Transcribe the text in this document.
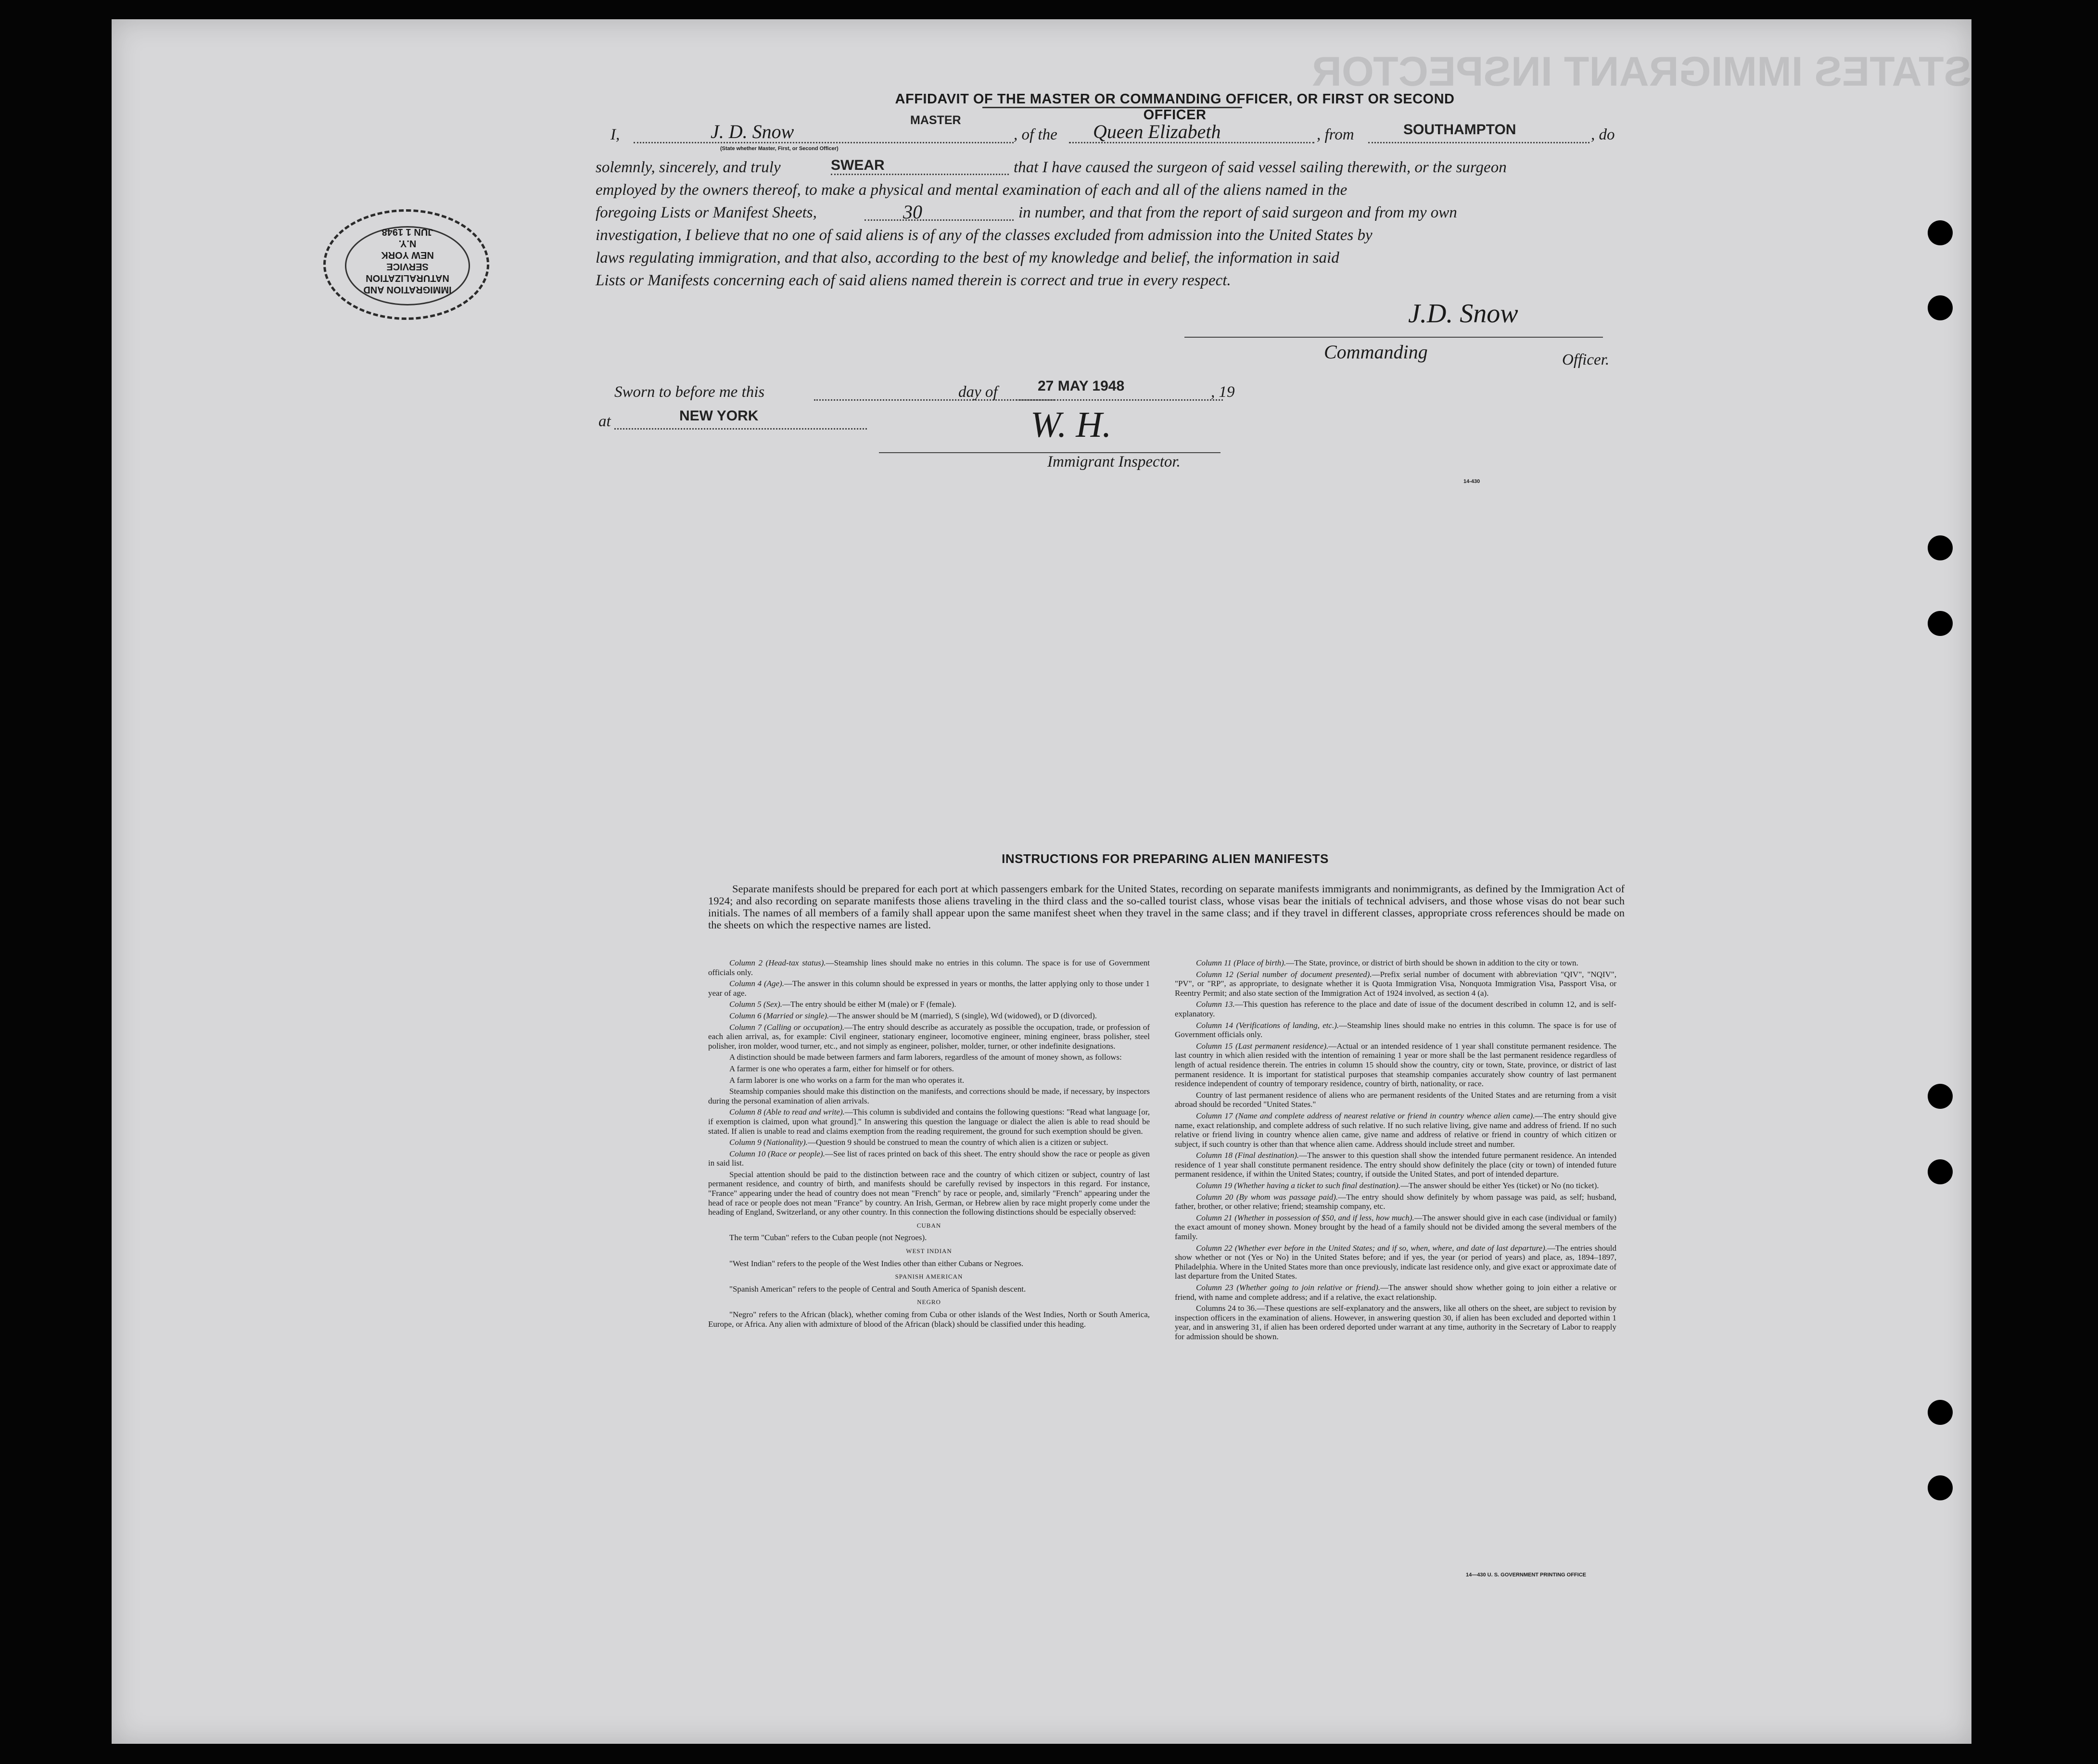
STATES IMMIGRANT INSPECTOR
IMMIGRATION AND
NATURALIZATION
SERVICE
NEW YORK
N.Y.
JUN 1 1948
AFFIDAVIT OF THE MASTER OR COMMANDING OFFICER, OR FIRST OR SECOND OFFICER
I,	J. D. Snow
(State whether Master, First, or Second Officer)
MASTER
, of the Queen Elizabeth	, from	SOUTHAMPTON	, do
solemnly, sincerely, and truly	SWEAR	that I have caused the surgeon of said vessel sailing therewith, or the surgeon
employed by the owners thereof, to make a physical and mental examination of each and all of the aliens named in the
foregoing Lists or Manifest Sheets,	30	in number, and that from the report of said surgeon and from my own
investigation, I believe that no one of said aliens is of any of the classes excluded from admission into the United States by
laws regulating immigration, and that also, according to the best of my knowledge and belief, the information in said
Lists or Manifests concerning each of said aliens named therein is correct and true in every respect.
J.D. Snow
Commanding	Officer.
Sworn to before me this	day of	27 MAY 1948	, 19
at	NEW YORK	W. H.
Immigrant Inspector.
14-430
INSTRUCTIONS FOR PREPARING ALIEN MANIFESTS
Separate manifests should be prepared for each port at which passengers embark for the United States, recording on separate manifests immigrants and nonimmigrants, as defined by the Immigration Act of 1924; and also recording on separate manifests those aliens traveling in the third class and the so-called tourist class, whose visas bear the initials of technical advisers, and those whose visas do not bear such initials. The names of all members of a family shall appear upon the same manifest sheet when they travel in the same class; and if they travel in different classes, appropriate cross references should be made on the sheets on which the respective names are listed.

Column 2 (Head-tax status).—Steamship lines should make no entries in this column. The space is for use of Government officials only.

Column 4 (Age).—The answer in this column should be expressed in years or months, the latter applying only to those under 1 year of age.

Column 5 (Sex).—The entry should be either M (male) or F (female).

Column 6 (Married or single).—The answer should be M (married), S (single), Wd (widowed), or D (divorced).

Column 7 (Calling or occupation).—The entry should describe as accurately as possible the occupation, trade, or profession of each alien arrival, as, for example: Civil engineer, stationary engineer, locomotive engineer, mining engineer, brass polisher, steel polisher, iron molder, wood turner, etc., and not simply as engineer, polisher, molder, turner, or other indefinite designations.

A distinction should be made between farmers and farm laborers, regardless of the amount of money shown, as follows:

A farmer is one who operates a farm, either for himself or for others.

A farm laborer is one who works on a farm for the man who operates it.

Steamship companies should make this distinction on the manifests, and corrections should be made, if necessary, by inspectors during the personal examination of alien arrivals.

Column 8 (Able to read and write).—This column is subdivided and contains the following questions: "Read what language [or, if exemption is claimed, upon what ground]." In answering this question the language or dialect the alien is able to read should be stated. If alien is unable to read and claims exemption from the reading requirement, the ground for such exemption should be given.

Column 9 (Nationality).—Question 9 should be construed to mean the country of which alien is a citizen or subject.

Column 10 (Race or people).—See list of races printed on back of this sheet. The entry should show the race or people as given in said list.

Special attention should be paid to the distinction between race and the country of which citizen or subject, country of last permanent residence, and country of birth, and manifests should be carefully revised by inspectors in this regard. For instance, "France" appearing under the head of country does not mean "French" by race or people, and, similarly "French" appearing under the head of race or people does not mean "France" by country. An Irish, German, or Hebrew alien by race might properly come under the heading of England, Switzerland, or any other country. In this connection the following distinctions should be especially observed:

CUBAN

The term "Cuban" refers to the Cuban people (not Negroes).

WEST INDIAN

"West Indian" refers to the people of the West Indies other than either Cubans or Negroes.

SPANISH AMERICAN

"Spanish American" refers to the people of Central and South America of Spanish descent.

NEGRO

"Negro" refers to the African (black), whether coming from Cuba or other islands of the West Indies, North or South America, Europe, or Africa. Any alien with admixture of blood of the African (black) should be classified under this heading.

Column 11 (Place of birth).—The State, province, or district of birth should be shown in addition to the city or town.

Column 12 (Serial number of document presented).—Prefix serial number of document with abbreviation "QIV", "NQIV", "PV", or "RP", as appropriate, to designate whether it is Quota Immigration Visa, Nonquota Immigration Visa, Passport Visa, or Reentry Permit; and also state section of the Immigration Act of 1924 involved, as section 4 (a).

Column 13.—This question has reference to the place and date of issue of the document described in column 12, and is self-explanatory.

Column 14 (Verifications of landing, etc.).—Steamship lines should make no entries in this column. The space is for use of Government officials only.

Column 15 (Last permanent residence).—Actual or an intended residence of 1 year shall constitute permanent residence. The last country in which alien resided with the intention of remaining 1 year or more shall be the last permanent residence regardless of length of actual residence therein. The entries in column 15 should show the country, city or town, State, province, or district of last permanent residence. It is important for statistical purposes that steamship companies accurately show country of last permanent residence independent of country of temporary residence, country of birth, nationality, or race.

Country of last permanent residence of aliens who are permanent residents of the United States and are returning from a visit abroad should be recorded "United States."

Column 17 (Name and complete address of nearest relative or friend in country whence alien came).—The entry should give name, exact relationship, and complete address of such relative. If no such relative living, give name and address of friend. If no such relative or friend living in country whence alien came, give name and address of relative or friend in country of which citizen or subject, if such country is other than that whence alien came. Address should include street and number.

Column 18 (Final destination).—The answer to this question shall show the intended future permanent residence. An intended residence of 1 year shall constitute permanent residence. The entry should show definitely the place (city or town) of intended future permanent residence, if within the United States; country, if outside the United States, and port of intended departure.

Column 19 (Whether having a ticket to such final destination).—The answer should be either Yes (ticket) or No (no ticket).

Column 20 (By whom was passage paid).—The entry should show definitely by whom passage was paid, as self; husband, father, brother, or other relative; friend; steamship company, etc.

Column 21 (Whether in possession of $50, and if less, how much).—The answer should give in each case (individual or family) the exact amount of money shown. Money brought by the head of a family should not be divided among the several members of the family.

Column 22 (Whether ever before in the United States; and if so, when, where, and date of last departure).—The entries should show whether or not (Yes or No) in the United States before; and if yes, the year (or period of years) and place, as, 1894–1897, Philadelphia. Where in the United States more than once previously, indicate last residence only, and give exact or approximate date of last departure from the United States.

Column 23 (Whether going to join relative or friend).—The answer should show whether going to join either a relative or friend, with name and complete address; and if a relative, the exact relationship.

Columns 24 to 36.—These questions are self-explanatory and the answers, like all others on the sheet, are subject to revision by inspection officers in the examination of aliens. However, in answering question 30, if alien has been excluded and deported within 1 year, and in answering 31, if alien has been ordered deported under warrant at any time, authority in the Secretary of Labor to reapply for admission should be shown.

14—430 U. S. GOVERNMENT PRINTING OFFICE
